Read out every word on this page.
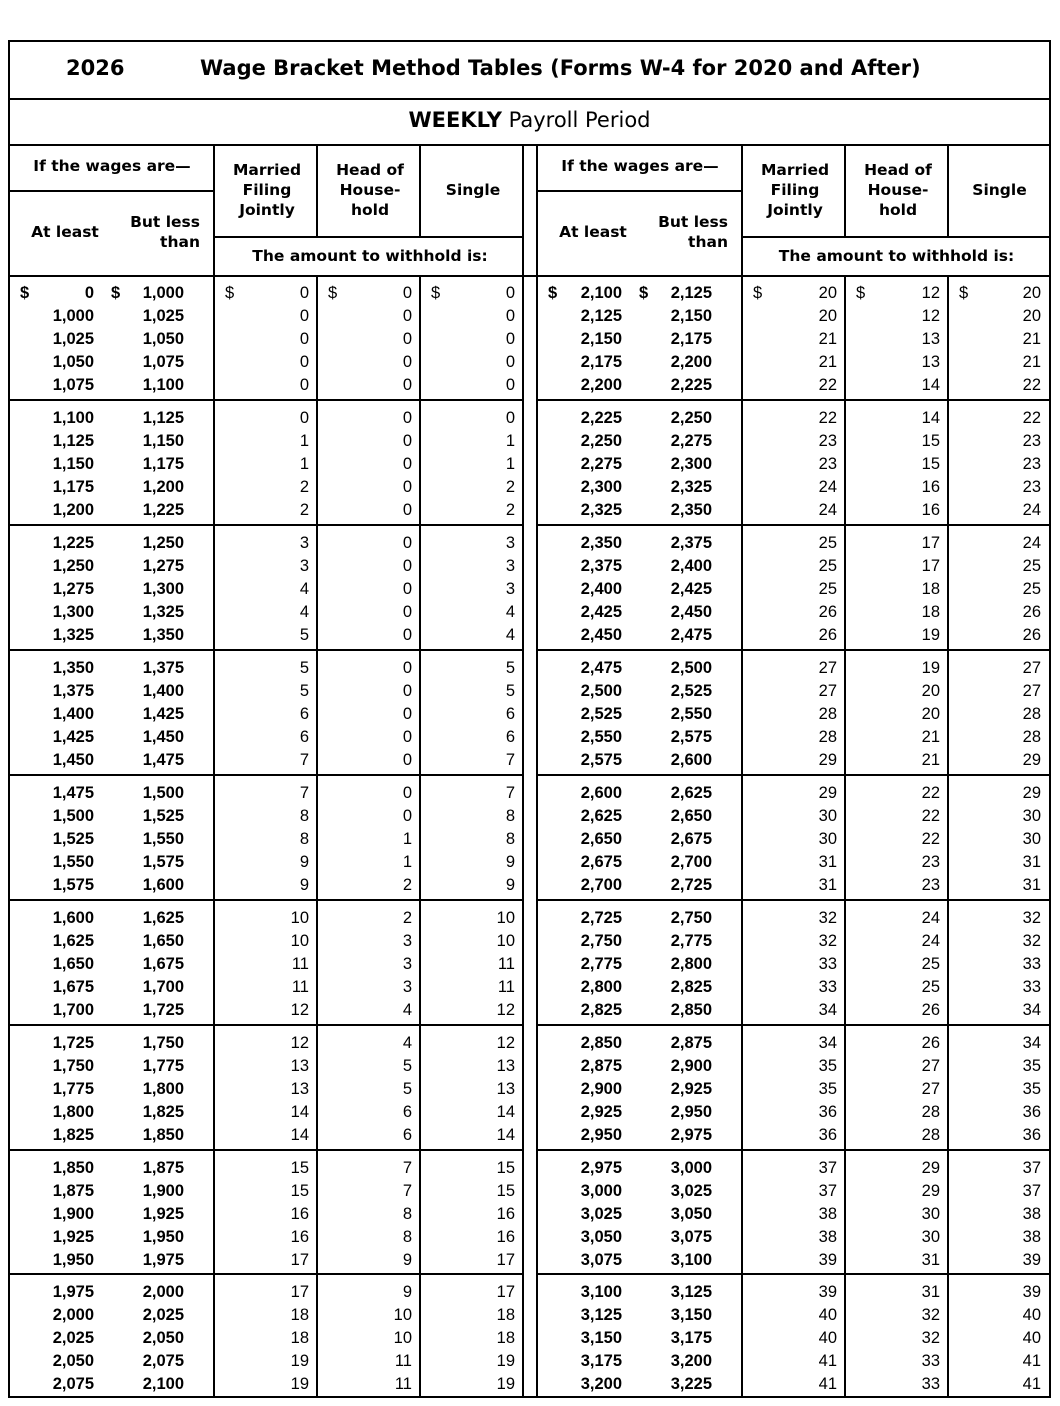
2026	Wage Bracket Method Tables (Forms W-4 for 2020 and After)
WEEKLY Payroll Period
If the wages are—
At least
But less than
Married Filing Jointly
Head of House- hold
Single
The amount to withhold is:
If the wages are—
At least
But less than
Married Filing Jointly
Head of House- hold
Single
The amount to withhold is:
$	$	$	$	$
0	1,000	0	0	0
1,000	1,025	0	0	0
1,025	1,050	0	0	0
1,050	1,075	0	0	0
1,075	1,100	0	0	0
1,100	1,125	0	0	0
1,125	1,150	1	0	1
1,150	1,175	1	0	1
1,175	1,200	2	0	2
1,200	1,225	2	0	2
1,225	1,250	3	0	3
1,250	1,275	3	0	3
1,275	1,300	4	0	3
1,300	1,325	4	0	4
1,325	1,350	5	0	4
1,350	1,375	5	0	5
1,375	1,400	5	0	5
1,400	1,425	6	0	6
1,425	1,450	6	0	6
1,450	1,475	7	0	7
1,475	1,500	7	0	7
1,500	1,525	8	0	8
1,525	1,550	8	1	8
1,550	1,575	9	1	9
1,575	1,600	9	2	9
1,600	1,625	10	2	10
1,625	1,650	10	3	10
1,650	1,675	11	3	11
1,675	1,700	11	3	11
1,700	1,725	12	4	12
1,725	1,750	12	4	12
1,750	1,775	13	5	13
1,775	1,800	13	5	13
1,800	1,825	14	6	14
1,825	1,850	14	6	14
1,850	1,875	15	7	15
1,875	1,900	15	7	15
1,900	1,925	16	8	16
1,925	1,950	16	8	16
1,950	1,975	17	9	17
1,975	2,000	17	9	17
2,000	2,025	18	10	18
2,025	2,050	18	10	18
2,050	2,075	19	11	19
2,075	2,100	19	11	19
$	$	$	$	$
2,100	2,125	20	12	20
2,125	2,150	20	12	20
2,150	2,175	21	13	21
2,175	2,200	21	13	21
2,200	2,225	22	14	22
2,225	2,250	22	14	22
2,250	2,275	23	15	23
2,275	2,300	23	15	23
2,300	2,325	24	16	23
2,325	2,350	24	16	24
2,350	2,375	25	17	24
2,375	2,400	25	17	25
2,400	2,425	25	18	25
2,425	2,450	26	18	26
2,450	2,475	26	19	26
2,475	2,500	27	19	27
2,500	2,525	27	20	27
2,525	2,550	28	20	28
2,550	2,575	28	21	28
2,575	2,600	29	21	29
2,600	2,625	29	22	29
2,625	2,650	30	22	30
2,650	2,675	30	22	30
2,675	2,700	31	23	31
2,700	2,725	31	23	31
2,725	2,750	32	24	32
2,750	2,775	32	24	32
2,775	2,800	33	25	33
2,800	2,825	33	25	33
2,825	2,850	34	26	34
2,850	2,875	34	26	34
2,875	2,900	35	27	35
2,900	2,925	35	27	35
2,925	2,950	36	28	36
2,950	2,975	36	28	36
2,975	3,000	37	29	37
3,000	3,025	37	29	37
3,025	3,050	38	30	38
3,050	3,075	38	30	38
3,075	3,100	39	31	39
3,100	3,125	39	31	39
3,125	3,150	40	32	40
3,150	3,175	40	32	40
3,175	3,200	41	33	41
3,200	3,225	41	33	41
